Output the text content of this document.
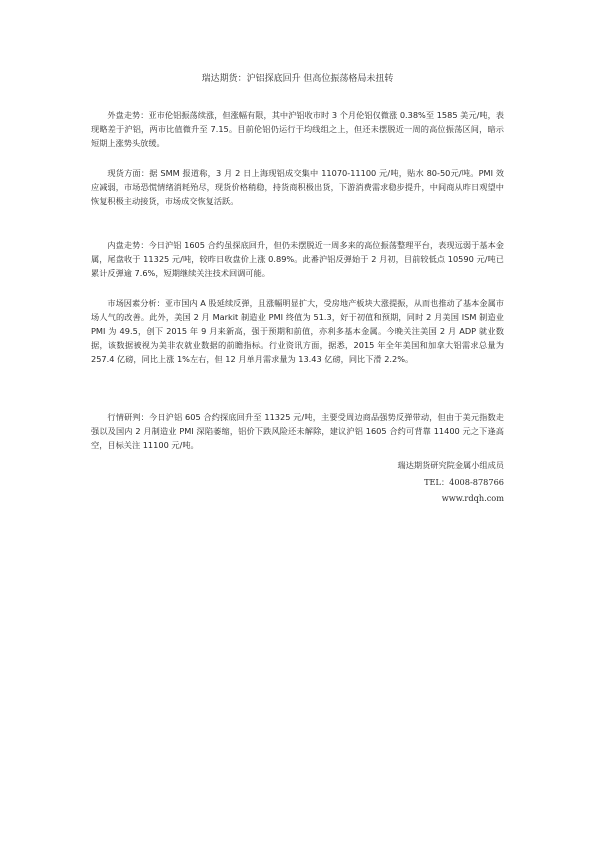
瑞达期货：沪铝探底回升 但高位振荡格局未扭转
外盘走势：亚市伦铝振荡续涨，但涨幅有限，其中沪铝收市时 3 个月伦铝仅微涨 0.38%至 1585 美元/吨，表现略差于沪铝，两市比值微升至 7.15。目前伦铝仍运行于均线组之上，但还未摆脱近一周的高位振荡区间，暗示短期上涨势头放缓。
现货方面：据 SMM 报道称，3 月 2 日上海现铝成交集中 11070-11100 元/吨，贴水 80-50元/吨。PMI 效应减弱，市场恐慌情绪消耗殆尽，现货价格稍稳，持货商积极出货，下游消费需求稳步提升，中间商从昨日观望中恢复积极主动接货，市场成交恢复活跃。
内盘走势：今日沪铝 1605 合约虽探底回升，但仍未摆脱近一周多来的高位振荡整理平台，表现远弱于基本金属，尾盘收于 11325 元/吨，较昨日收盘价上涨 0.89%。此番沪铝反弹始于 2 月初，目前较低点 10590 元/吨已累计反弹逾 7.6%，短期继续关注技术回调可能。
市场因素分析：亚市国内 A 股延续反弹，且涨幅明显扩大，受房地产板块大涨提振，从而也推动了基本金属市场人气的改善。此外，美国 2 月 Markit 制造业 PMI 终值为 51.3，好于初值和预期，同时 2 月美国 ISM 制造业 PMI 为 49.5，创下 2015 年 9 月来新高，强于预期和前值，亦利多基本金属。今晚关注美国 2 月 ADP 就业数据，该数据被视为美非农就业数据的前瞻指标。行业资讯方面，据悉，2015 年全年美国和加拿大铝需求总量为 257.4 亿磅，同比上涨 1%左右，但 12 月单月需求量为 13.43 亿磅，同比下滑 2.2%。
行情研判：今日沪铝 605 合约探底回升至 11325 元/吨，主要受周边商品强势反弹带动，但由于美元指数走强以及国内 2 月制造业 PMI 深陷萎缩，铝价下跌风险还未解除，建议沪铝 1605 合约可背靠 11400 元之下逢高空，目标关注 11100 元/吨。
瑞达期货研究院金属小组成员
TEL：4008-878766
www.rdqh.com
